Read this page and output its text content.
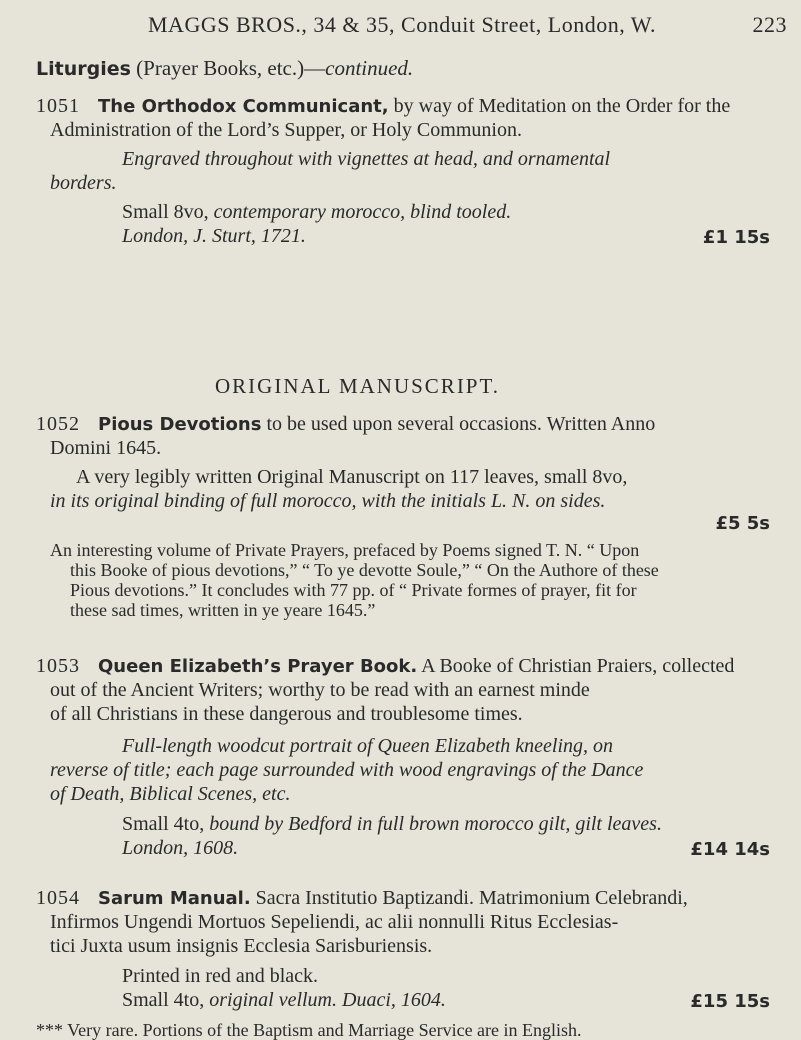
MAGGS BROS., 34 & 35, Conduit Street, London, W.	223
Liturgies (Prayer Books, etc.)—continued.
1051 The Orthodox Communicant, by way of Meditation on the Order for the
Administration of the Lord’s Supper, or Holy Communion.
Engraved throughout with vignettes at head, and ornamental
borders.
Small 8vo, contemporary morocco, blind tooled.
London, J. Sturt, 1721.	£1 15s
ORIGINAL MANUSCRIPT.
1052 Pious Devotions to be used upon several occasions. Written Anno
Domini 1645.
A very legibly written Original Manuscript on 117 leaves, small 8vo,
in its original binding of full morocco, with the initials L. N. on sides.
£5 5s
An interesting volume of Private Prayers, prefaced by Poems signed T. N. “ Upon
this Booke of pious devotions,” “ To ye devotte Soule,” “ On the Authore of these
Pious devotions.” It concludes with 77 pp. of “ Private formes of prayer, fit for
these sad times, written in ye yeare 1645.”
1053 Queen Elizabeth’s Prayer Book. A Booke of Christian Praiers, collected
out of the Ancient Writers; worthy to be read with an earnest minde
of all Christians in these dangerous and troublesome times.
Full-length woodcut portrait of Queen Elizabeth kneeling, on
reverse of title; each page surrounded with wood engravings of the Dance
of Death, Biblical Scenes, etc.
Small 4to, bound by Bedford in full brown morocco gilt, gilt leaves.
London, 1608.	£14 14s
1054 Sarum Manual. Sacra Institutio Baptizandi. Matrimonium Celebrandi,
Infirmos Ungendi Mortuos Sepeliendi, ac alii nonnulli Ritus Ecclesias-
tici Juxta usum insignis Ecclesia Sarisburiensis.
Printed in red and black.
Small 4to, original vellum. Duaci, 1604.	£15 15s
*** Very rare. Portions of the Baptism and Marriage Service are in English.
